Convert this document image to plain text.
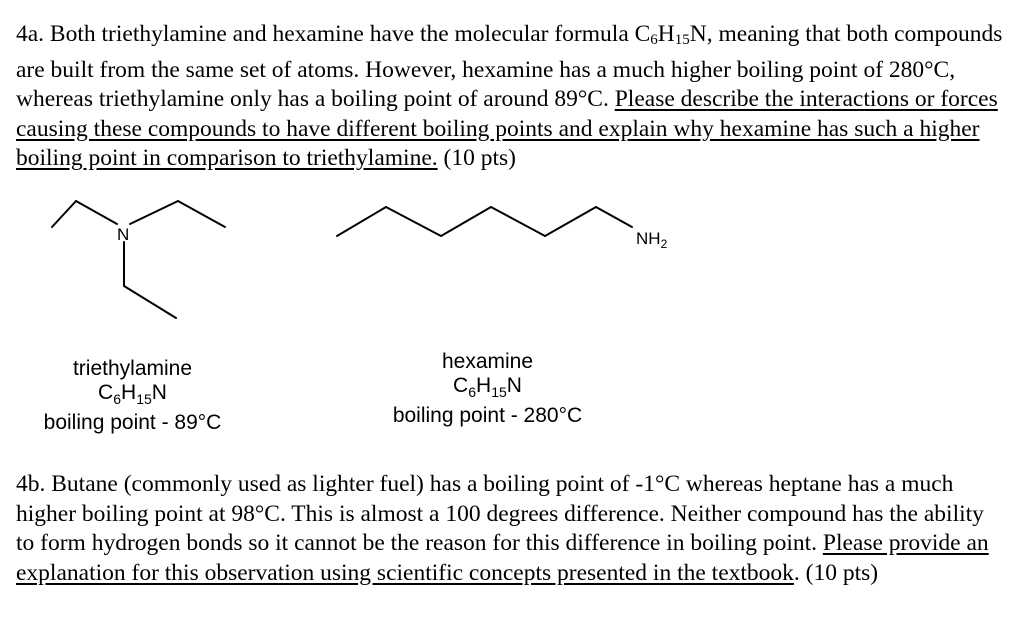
4a. Both triethylamine and hexamine have the molecular formula $C_6H_{15}N$, meaning that both compounds are built from the same set of atoms. However, hexamine has a much higher boiling point of 280°C, whereas triethylamine only has a boiling point of around 89°C. Please describe the interactions or forces causing these compounds to have different boiling points and explain why hexamine has such a higher boiling point in comparison to triethylamine. (10 pts)
N	$NH_2$
triethylamine
$C_6H_{15}N$
boiling point - 89°C
hexamine
$C_6H_{15}N$
boiling point - 280°C
4b. Butane (commonly used as lighter fuel) has a boiling point of -1°C whereas heptane has a much higher boiling point at 98°C. This is almost a 100 degrees difference. Neither compound has the ability to form hydrogen bonds so it cannot be the reason for this difference in boiling point. Please provide an explanation for this observation using scientific concepts presented in the textbook. (10 pts)
